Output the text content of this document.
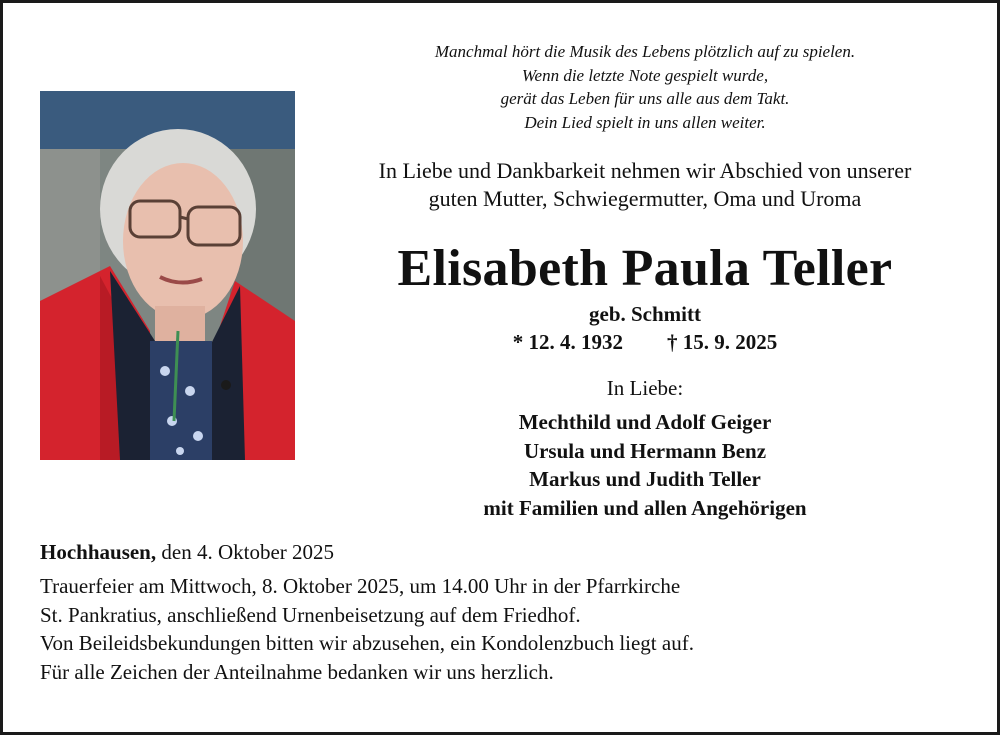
Manchmal hört die Musik des Lebens plötzlich auf zu spielen.
Wenn die letzte Note gespielt wurde,
gerät das Leben für uns alle aus dem Takt.
Dein Lied spielt in uns allen weiter.
In Liebe und Dankbarkeit nehmen wir Abschied von unserer
guten Mutter, Schwiegermutter, Oma und Uroma
Elisabeth Paula Teller
geb. Schmitt
* 12. 4. 1932 † 15. 9. 2025
In Liebe:
Mechthild und Adolf Geiger
Ursula und Hermann Benz
Markus und Judith Teller
mit Familien und allen Angehörigen
Hochhausen, den 4. Oktober 2025
Trauerfeier am Mittwoch, 8. Oktober 2025, um 14.00 Uhr in der Pfarrkirche
St. Pankratius, anschließend Urnenbeisetzung auf dem Friedhof.
Von Beileidsbekundungen bitten wir abzusehen, ein Kondolenzbuch liegt auf.
Für alle Zeichen der Anteilnahme bedanken wir uns herzlich.
